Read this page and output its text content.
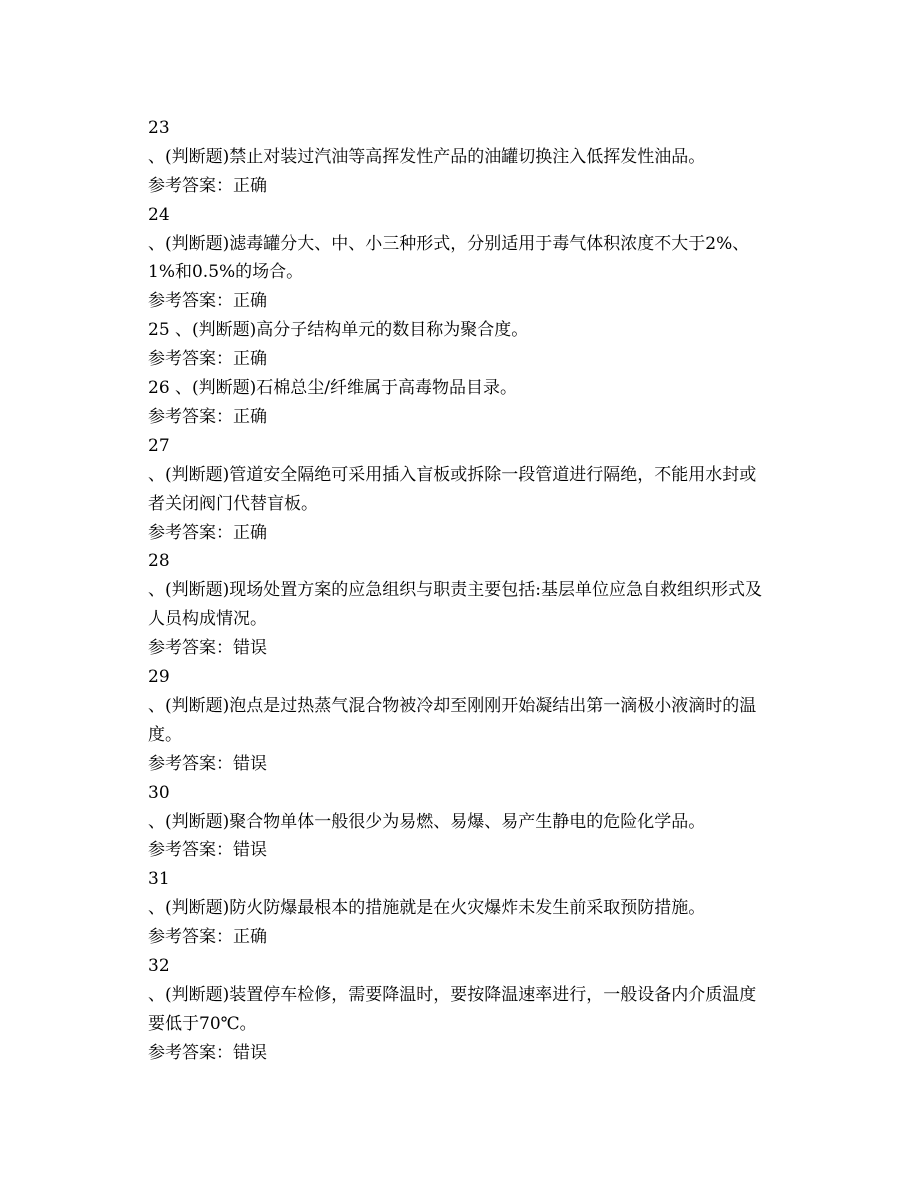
23
、(判断题)禁止对装过汽油等高挥发性产品的油罐切换注入低挥发性油品。
参考答案：正确
24
、(判断题)滤毒罐分大、中、小三种形式，分别适用于毒气体积浓度不大于2%、1%和0.5%的场合。
参考答案：正确
25 、(判断题)高分子结构单元的数目称为聚合度。
参考答案：正确
26 、(判断题)石棉总尘/纤维属于高毒物品目录。
参考答案：正确
27
、(判断题)管道安全隔绝可采用插入盲板或拆除一段管道进行隔绝，不能用水封或者关闭阀门代替盲板。
参考答案：正确
28
、(判断题)现场处置方案的应急组织与职责主要包括:基层单位应急自救组织形式及人员构成情况。
参考答案：错误
29
、(判断题)泡点是过热蒸气混合物被冷却至刚刚开始凝结出第一滴极小液滴时的温度。
参考答案：错误
30
、(判断题)聚合物单体一般很少为易燃、易爆、易产生静电的危险化学品。
参考答案：错误
31
、(判断题)防火防爆最根本的措施就是在火灾爆炸未发生前采取预防措施。
参考答案：正确
32
、(判断题)装置停车检修，需要降温时，要按降温速率进行，一般设备内介质温度要低于70℃。
参考答案：错误
